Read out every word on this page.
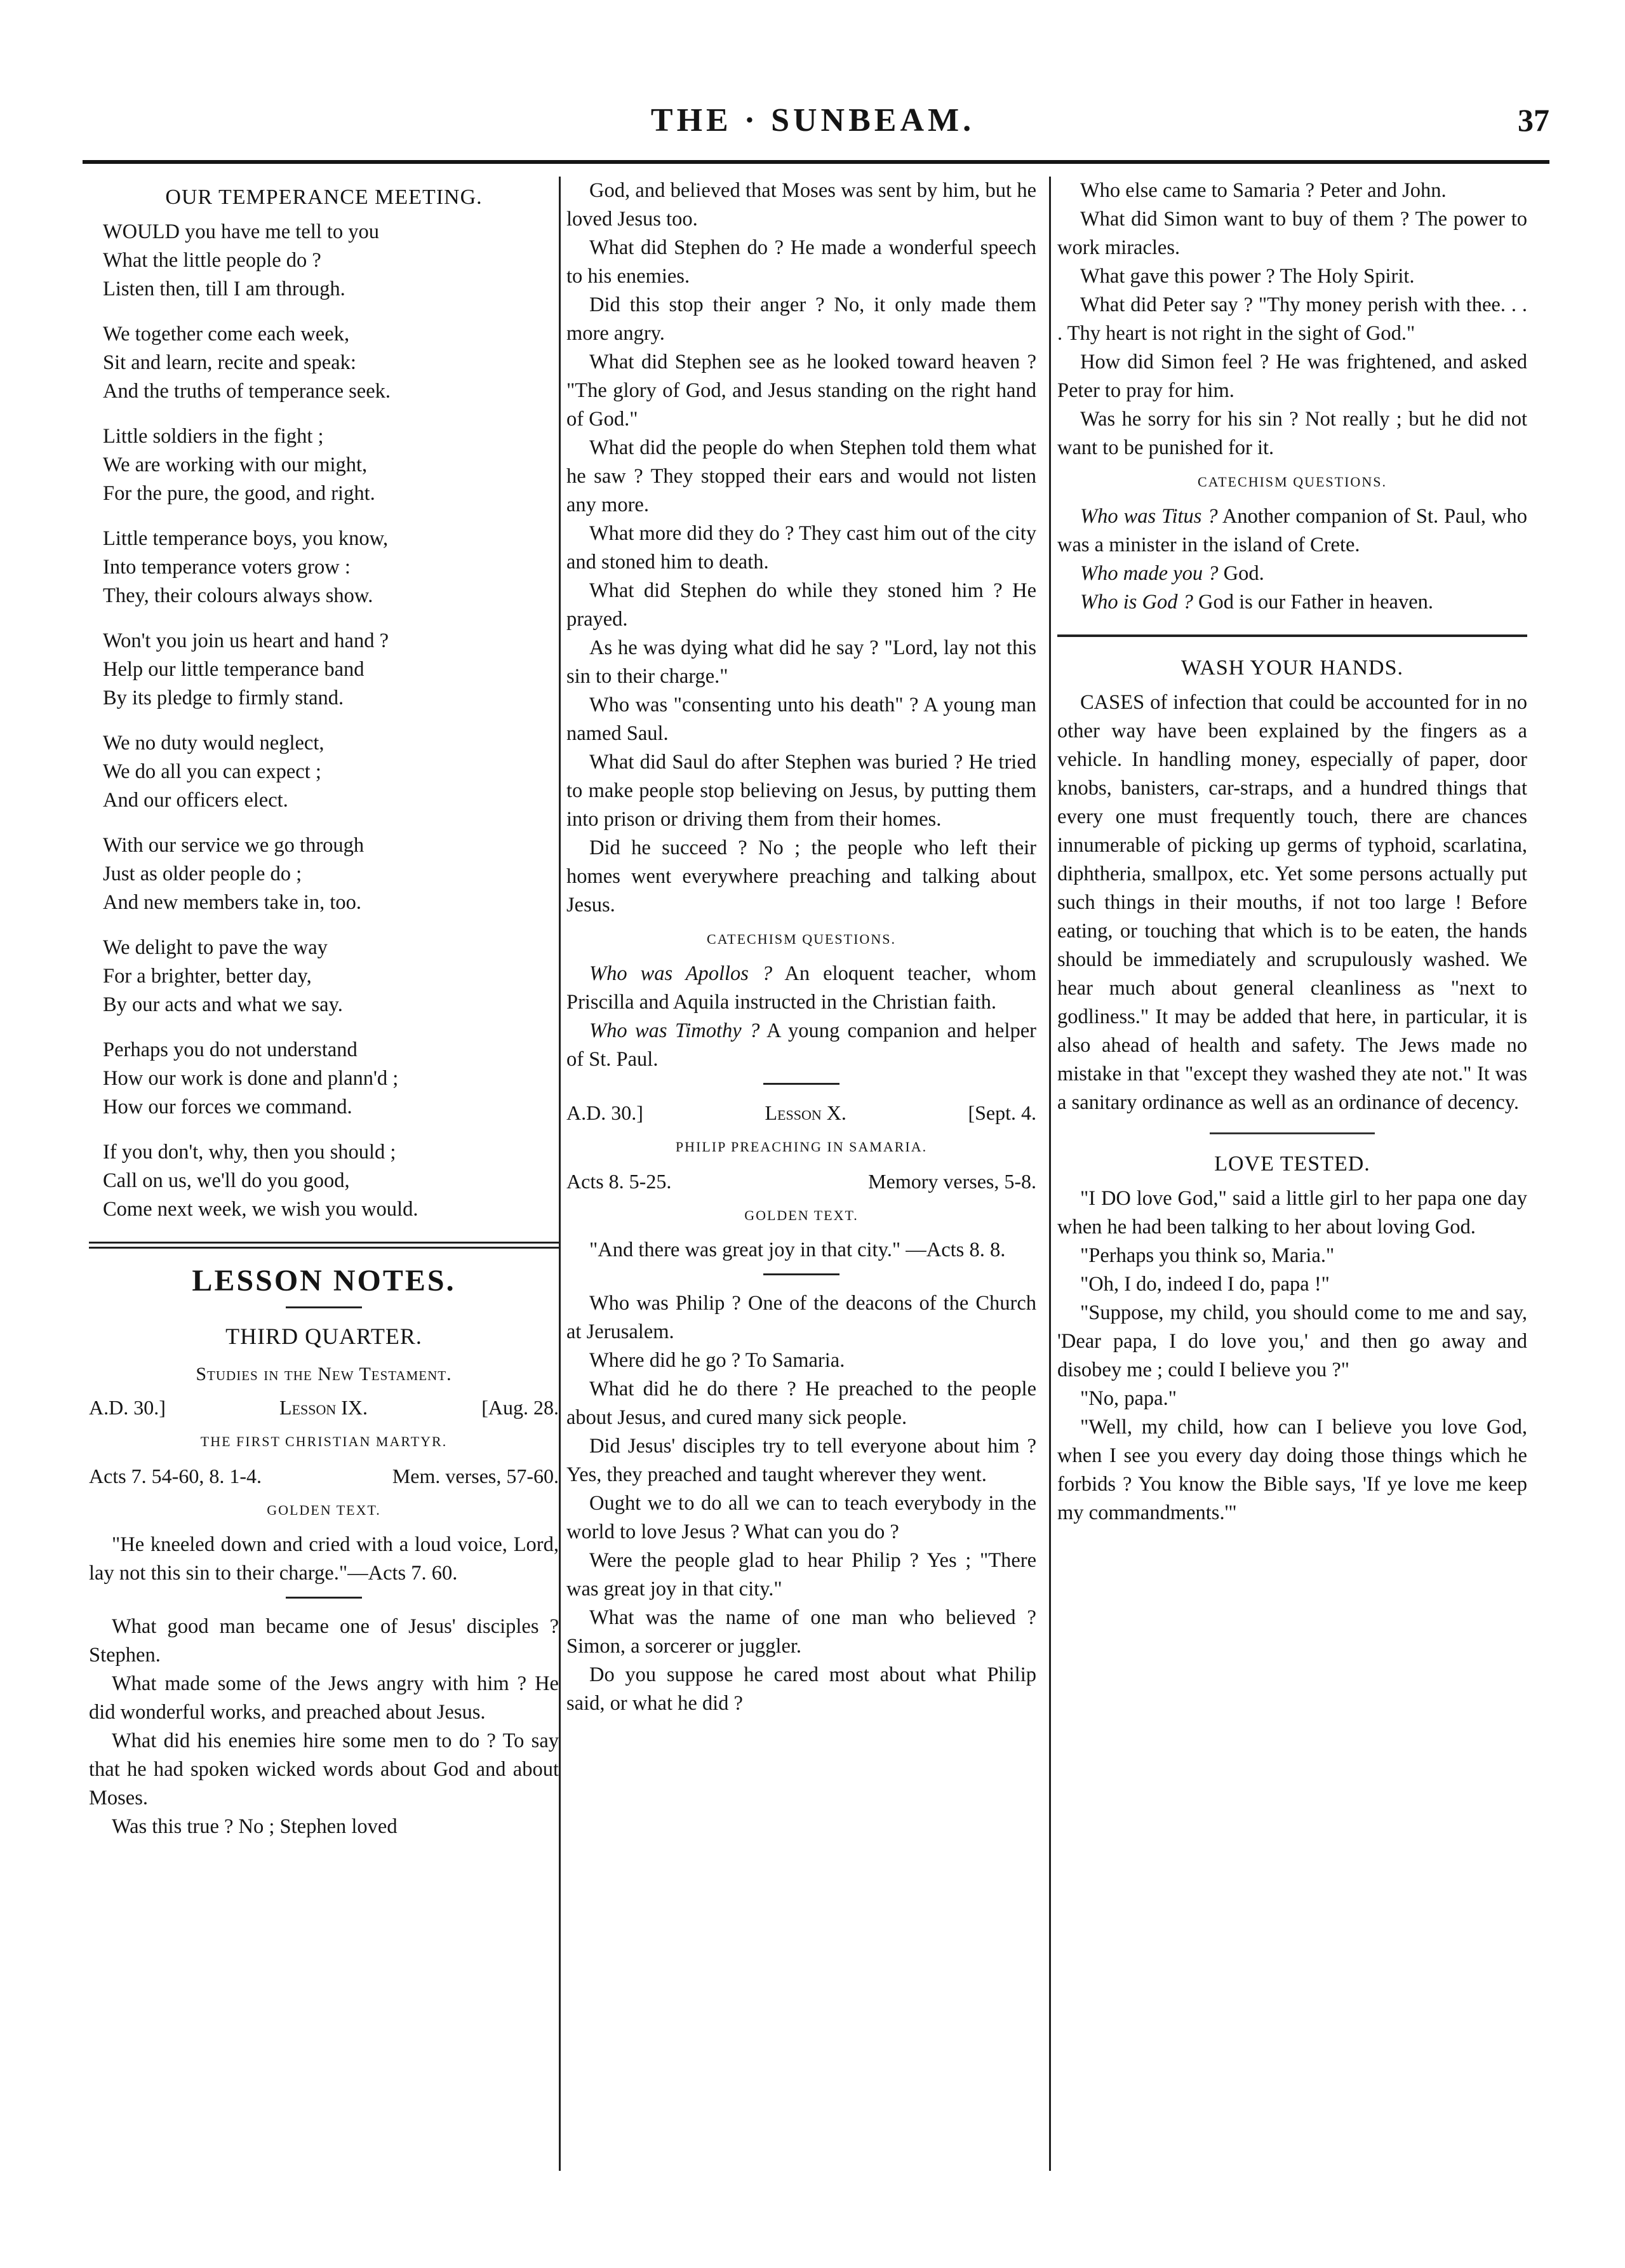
THE · SUNBEAM.	37
OUR TEMPERANCE MEETING.
WOULD you have me tell to you
What the little people do ?
Listen then, till I am through.
We together come each week,
Sit and learn, recite and speak:
And the truths of temperance seek.
Little soldiers in the fight ;
We are working with our might,
For the pure, the good, and right.
Little temperance boys, you know,
Into temperance voters grow :
They, their colours always show.
Won't you join us heart and hand ?
Help our little temperance band
By its pledge to firmly stand.
We no duty would neglect,
We do all you can expect ;
And our officers elect.
With our service we go through
Just as older people do ;
And new members take in, too.
We delight to pave the way
For a brighter, better day,
By our acts and what we say.
Perhaps you do not understand
How our work is done and plann'd ;
How our forces we command.
If you don't, why, then you should ;
Call on us, we'll do you good,
Come next week, we wish you would.
LESSON NOTES.
THIRD QUARTER.
Studies in the New Testament.
A.D. 30.]	Lesson IX.	[Aug. 28.
THE FIRST CHRISTIAN MARTYR.
Acts 7. 54-60, 8. 1-4.	Mem. verses, 57-60.
GOLDEN TEXT.

"He kneeled down and cried with a loud voice, Lord, lay not this sin to their charge."—Acts 7. 60.

What good man became one of Jesus' disciples ? Stephen.

What made some of the Jews angry with him ? He did wonderful works, and preached about Jesus.

What did his enemies hire some men to do ? To say that he had spoken wicked words about God and about Moses.

Was this true ? No ; Stephen loved

God, and believed that Moses was sent by him, but he loved Jesus too.

What did Stephen do ? He made a wonderful speech to his enemies.

Did this stop their anger ? No, it only made them more angry.

What did Stephen see as he looked toward heaven ? "The glory of God, and Jesus standing on the right hand of God."

What did the people do when Stephen told them what he saw ? They stopped their ears and would not listen any more.

What more did they do ? They cast him out of the city and stoned him to death.

What did Stephen do while they stoned him ? He prayed.

As he was dying what did he say ? "Lord, lay not this sin to their charge."

Who was "consenting unto his death" ? A young man named Saul.

What did Saul do after Stephen was buried ? He tried to make people stop believing on Jesus, by putting them into prison or driving them from their homes.

Did he succeed ? No ; the people who left their homes went everywhere preaching and talking about Jesus.

CATECHISM QUESTIONS.

Who was Apollos ? An eloquent teacher, whom Priscilla and Aquila instructed in the Christian faith.

Who was Timothy ? A young companion and helper of St. Paul.

A.D. 30.]	Lesson X.	[Sept. 4.
PHILIP PREACHING IN SAMARIA.
Acts 8. 5-25.	Memory verses, 5-8.
GOLDEN TEXT.

"And there was great joy in that city." —Acts 8. 8.

Who was Philip ? One of the deacons of the Church at Jerusalem.

Where did he go ? To Samaria.

What did he do there ? He preached to the people about Jesus, and cured many sick people.

Did Jesus' disciples try to tell everyone about him ? Yes, they preached and taught wherever they went.

Ought we to do all we can to teach everybody in the world to love Jesus ? What can you do ?

Were the people glad to hear Philip ? Yes ; "There was great joy in that city."

What was the name of one man who believed ? Simon, a sorcerer or juggler.

Do you suppose he cared most about what Philip said, or what he did ?

Who else came to Samaria ? Peter and John.

What did Simon want to buy of them ? The power to work miracles.

What gave this power ? The Holy Spirit.

What did Peter say ? "Thy money perish with thee. . . . Thy heart is not right in the sight of God."

How did Simon feel ? He was frightened, and asked Peter to pray for him.

Was he sorry for his sin ? Not really ; but he did not want to be punished for it.

CATECHISM QUESTIONS.

Who was Titus ? Another companion of St. Paul, who was a minister in the island of Crete.

Who made you ? God.

Who is God ? God is our Father in heaven.

WASH YOUR HANDS.

CASES of infection that could be accounted for in no other way have been explained by the fingers as a vehicle. In handling money, especially of paper, door knobs, banisters, car-straps, and a hundred things that every one must frequently touch, there are chances innumerable of picking up germs of typhoid, scarlatina, diphtheria, smallpox, etc. Yet some persons actually put such things in their mouths, if not too large ! Before eating, or touching that which is to be eaten, the hands should be immediately and scrupulously washed. We hear much about general cleanliness as "next to godliness." It may be added that here, in particular, it is also ahead of health and safety. The Jews made no mistake in that "except they washed they ate not." It was a sanitary ordinance as well as an ordinance of decency.

LOVE TESTED.

"I DO love God," said a little girl to her papa one day when he had been talking to her about loving God.

"Perhaps you think so, Maria."

"Oh, I do, indeed I do, papa !"

"Suppose, my child, you should come to me and say, 'Dear papa, I do love you,' and then go away and disobey me ; could I believe you ?"

"No, papa."

"Well, my child, how can I believe you love God, when I see you every day doing those things which he forbids ? You know the Bible says, 'If ye love me keep my commandments.'"
